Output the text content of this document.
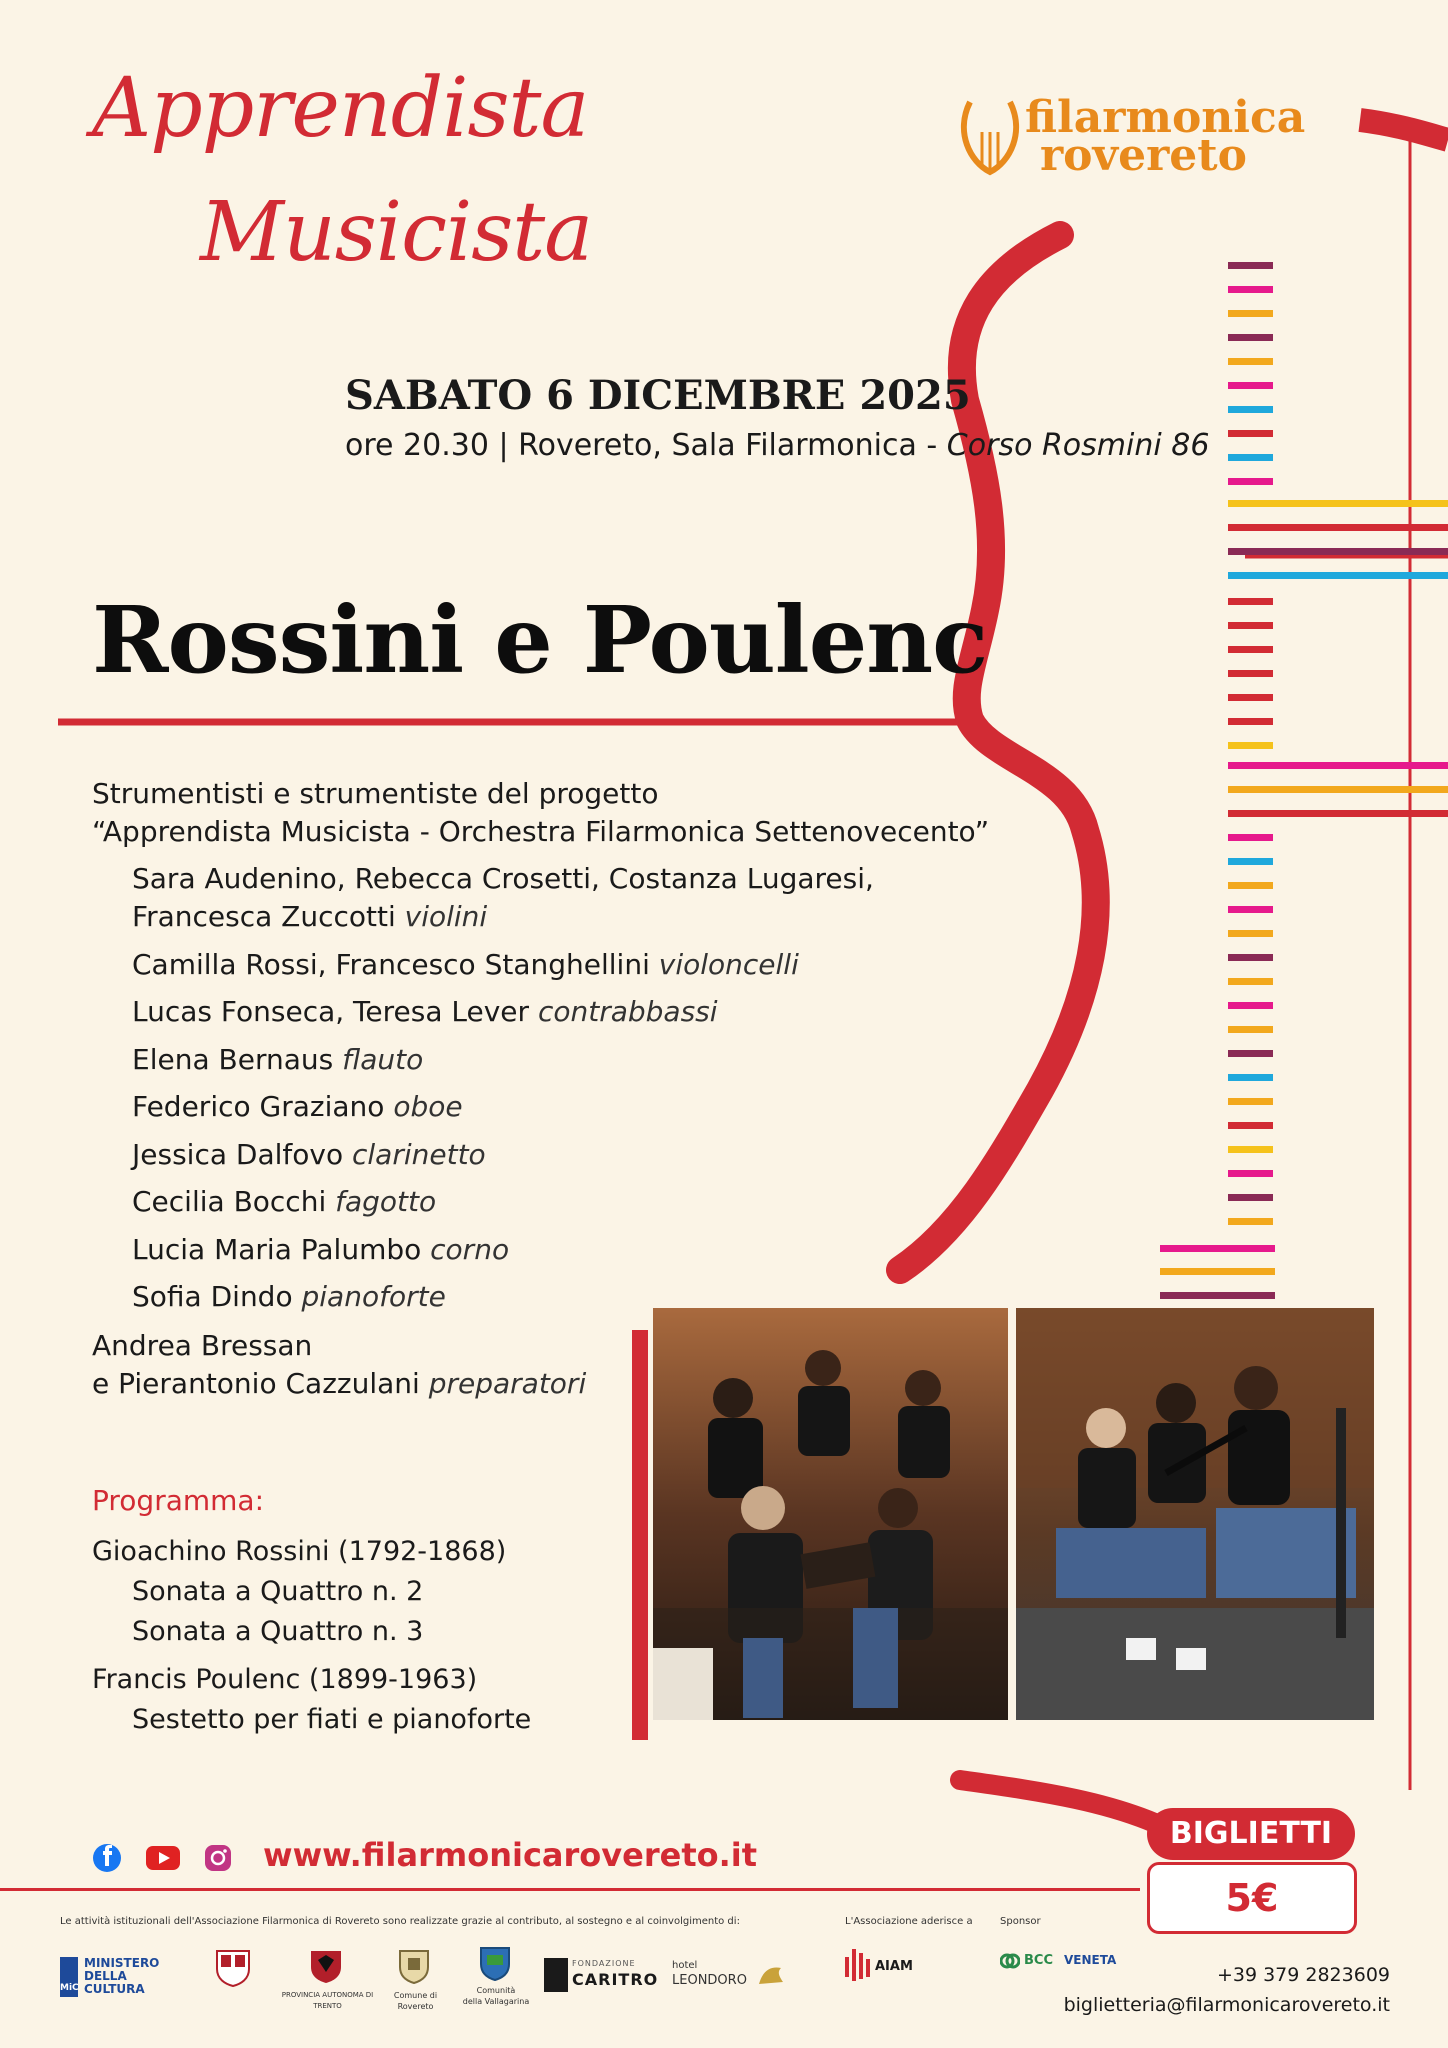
Apprendista
Musicista
filarmonica
rovereto
SABATO 6 DICEMBRE 2025
ore 20.30 | Rovereto, Sala Filarmonica - Corso Rosmini 86
Rossini e Poulenc
Strumentisti e strumentiste del progetto
“Apprendista Musicista - Orchestra Filarmonica Settenovecento”
Sara Audenino, Rebecca Crosetti, Costanza Lugaresi,
Francesca Zuccotti violini
Camilla Rossi, Francesco Stanghellini violoncelli
Lucas Fonseca, Teresa Lever contrabbassi
Elena Bernaus flauto
Federico Graziano oboe
Jessica Dalfovo clarinetto
Cecilia Bocchi fagotto
Lucia Maria Palumbo corno
Sofia Dindo pianoforte
Andrea Bressan
e Pierantonio Cazzulani preparatori
Programma:
Gioachino Rossini (1792-1868)
Sonata a Quattro n. 2
Sonata a Quattro n. 3
Francis Poulenc (1899-1963)
Sestetto per fiati e pianoforte
www.filarmonicarovereto.it
BIGLIETTI
5€
Le attività istituzionali dell'Associazione Filarmonica di Rovereto sono realizzate grazie al contributo, al sostegno e al coinvolgimento di:	L'Associazione aderisce a	Sponsor
MiC
MINISTERO
DELLA
CULTURA	PROVINCIA AUTONOMA DI TRENTO
Comune di Rovereto
Comunità
della Vallagarina
FONDAZIONE
CARITRO
hotel
LEONDORO
AIAM	BCC VENETA
+39 379 2823609
biglietteria@filarmonicarovereto.it
